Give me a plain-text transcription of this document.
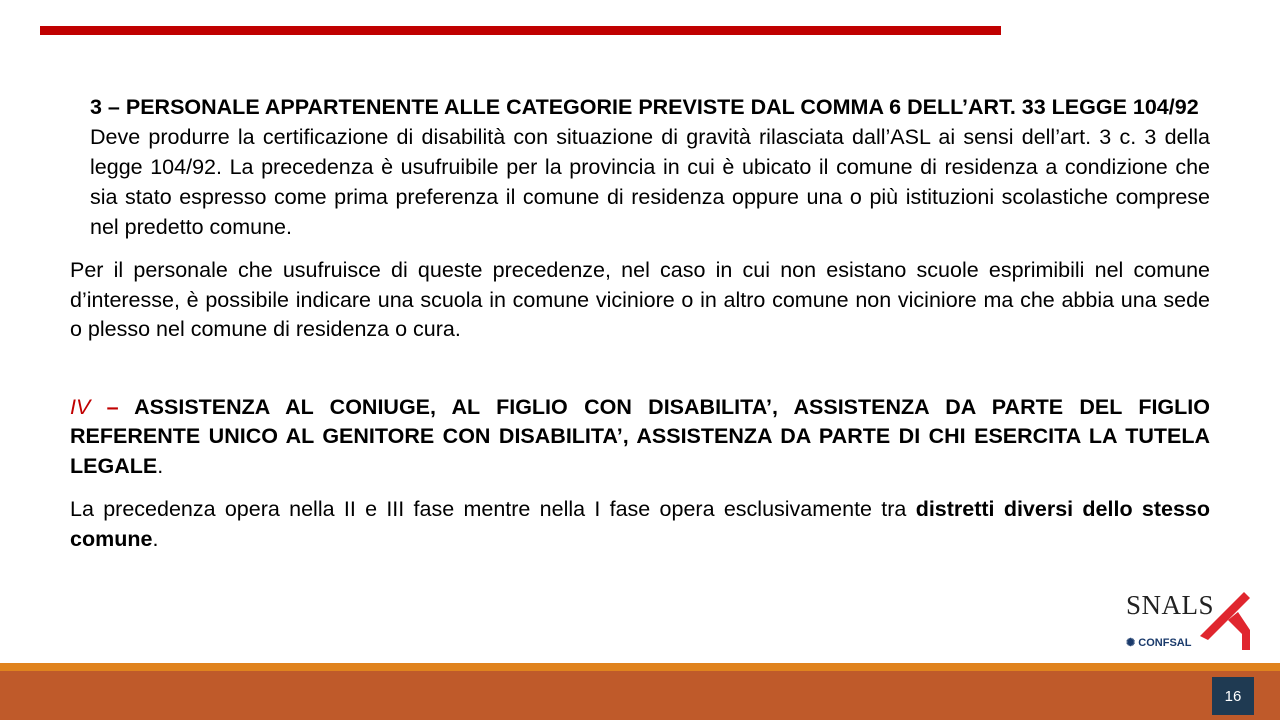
3 – PERSONALE APPARTENENTE ALLE CATEGORIE PREVISTE DAL COMMA 6 DELL’ART. 33 LEGGE 104/92
Deve produrre la certificazione di disabilità con situazione di gravità rilasciata dall’ASL ai sensi dell’art. 3 c. 3 della legge 104/92. La precedenza è usufruibile per la provincia in cui è ubicato il comune di residenza a condizione che sia stato espresso come prima preferenza il comune di residenza oppure una o più istituzioni scolastiche comprese nel predetto comune.
Per il personale che usufruisce di queste precedenze, nel caso in cui non esistano scuole esprimibili nel comune d’interesse, è possibile indicare una scuola in comune viciniore o in altro comune non viciniore ma che abbia una sede o plesso nel comune di residenza o cura.
IV – ASSISTENZA AL CONIUGE, AL FIGLIO CON DISABILITA’, ASSISTENZA DA PARTE DEL FIGLIO REFERENTE UNICO AL GENITORE CON DISABILITA’, ASSISTENZA DA PARTE DI CHI ESERCITA LA TUTELA LEGALE.
La precedenza opera nella II e III fase mentre nella I fase opera esclusivamente tra distretti diversi dello stesso comune.
SNALS
✺ CONFSAL
16
